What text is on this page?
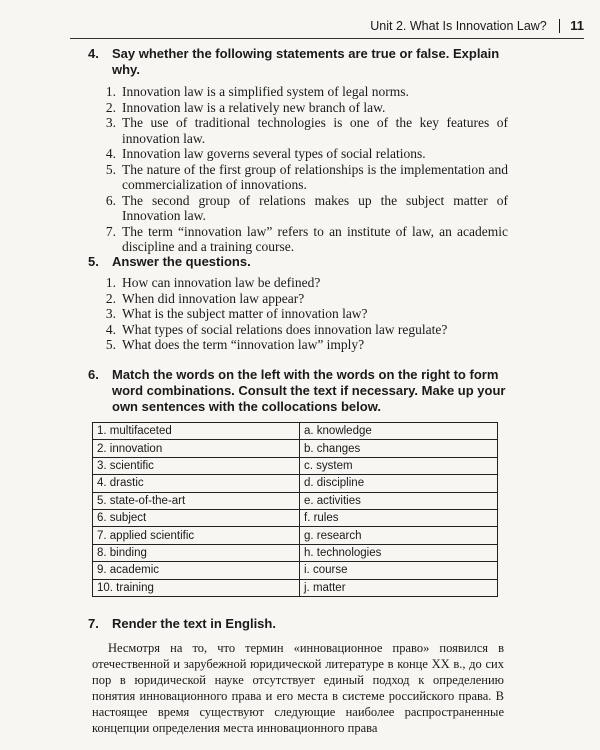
Unit 2. What Is Innovation Law? 11
4.	Say whether the following statements are true or false. Explain why.
1. Innovation law is a simplified system of legal norms.
2. Innovation law is a relatively new branch of law.
3. The use of traditional technologies is one of the key features of innovation law.
4. Innovation law governs several types of social relations.
5. The nature of the first group of relationships is the implementation and commercialization of innovations.
6. The second group of relations makes up the subject matter of Innovation law.
7. The term “innovation law” refers to an institute of law, an academic discipline and a training course.
5.	Answer the questions.
1. How can innovation law be defined?
2. When did innovation law appear?
3. What is the subject matter of innovation law?
4. What types of social relations does innovation law regulate?
5. What does the term “innovation law” imply?
6.	Match the words on the left with the words on the right to form word combinations. Consult the text if necessary. Make up your own sentences with the collocations below.
1. multifaceted	a. knowledge
2. innovation	b. changes
3. scientific	c. system
4. drastic	d. discipline
5. state-of-the-art	e. activities
6. subject	f. rules
7. applied scientific	g. research
8. binding	h. technologies
9. academic	i. course
10. training	j. matter
7.	Render the text in English.
Несмотря на то, что термин «инновационное право» появился в отечественной и зарубежной юридической литературе в конце XX в., до сих пор в юридической науке отсутствует единый подход к определению понятия инновационного права и его места в системе российского права. В настоящее время существуют следующие наиболее распространенные концепции определения места инновационного права
